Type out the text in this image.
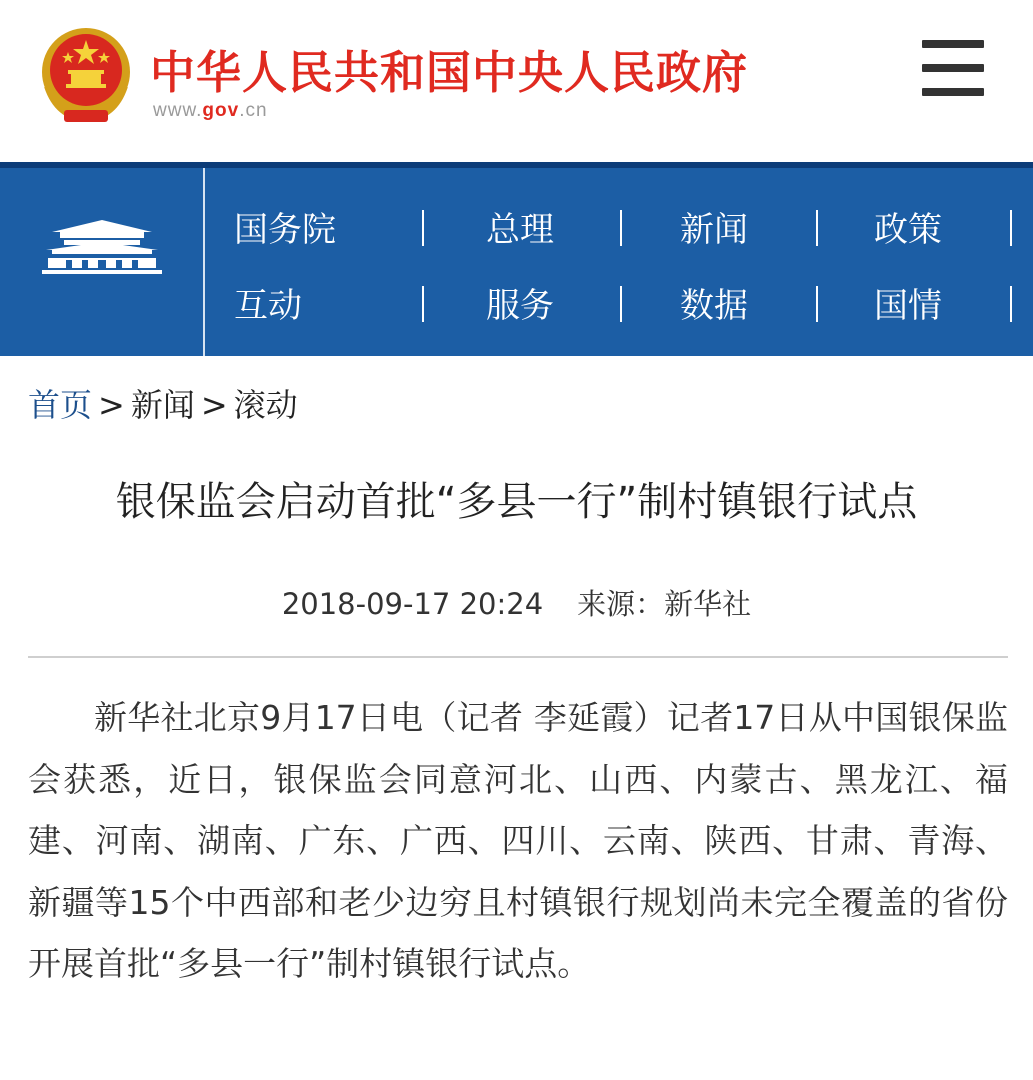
中华人民共和国中央人民政府
www.gov.cn
国务院	总理	新闻	政策
互动	服务	数据	国情
首页 > 新闻 > 滚动
银保监会启动首批“多县一行”制村镇银行试点
2018-09-17 20:24 来源：新华社

新华社北京9月17日电（记者 李延霞）记者17日从中国银保监会获悉，近日，银保监会同意河北、山西、内蒙古、黑龙江、福建、河南、湖南、广东、广西、四川、云南、陕西、甘肃、青海、新疆等15个中西部和老少边穷且村镇银行规划尚未完全覆盖的省份开展首批“多县一行”制村镇银行试点。
